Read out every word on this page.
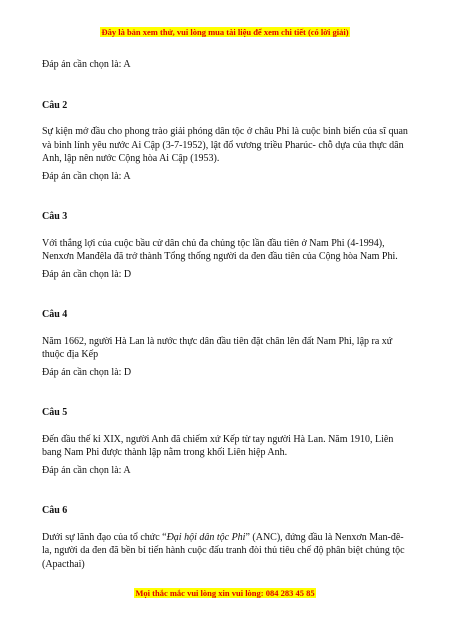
Đây là bản xem thử, vui lòng mua tài liệu để xem chi tiết (có lời giải)

Đáp án cần chọn là: A

Câu 2

Sự kiện mở đầu cho phong trào giải phóng dân tộc ở châu Phi là cuộc binh biến của sĩ quan và binh lính yêu nước Ai Cập (3-7-1952), lật đổ vương triều Pharúc- chỗ dựa của thực dân Anh, lập nên nước Cộng hòa Ai Cập (1953).

Đáp án cần chọn là: A

Câu 3

Với thắng lợi của cuộc bầu cử dân chủ đa chủng tộc lần đầu tiên ở Nam Phi (4-1994), Nenxơn Manđêla đã trở thành Tổng thống người da đen đầu tiên của Cộng hòa Nam Phi.

Đáp án cần chọn là: D

Câu 4

Năm 1662, người Hà Lan là nước thực dân đầu tiên đặt chân lên đất Nam Phi, lập ra xứ thuộc địa Kếp

Đáp án cần chọn là: D

Câu 5

Đến đầu thế kỉ XIX, người Anh đã chiếm xứ Kếp từ tay người Hà Lan. Năm 1910, Liên bang Nam Phi được thành lập nằm trong khối Liên hiệp Anh.

Đáp án cần chọn là: A

Câu 6

Dưới sự lãnh đạo của tổ chức “Đại hội dân tộc Phi” (ANC), đứng đầu là Nenxơn Man-đê-la, người da đen đã bền bỉ tiến hành cuộc đấu tranh đòi thủ tiêu chế độ phân biệt chủng tộc (Apacthai)

Mọi thắc mắc vui lòng xin vui lòng: 084 283 45 85
